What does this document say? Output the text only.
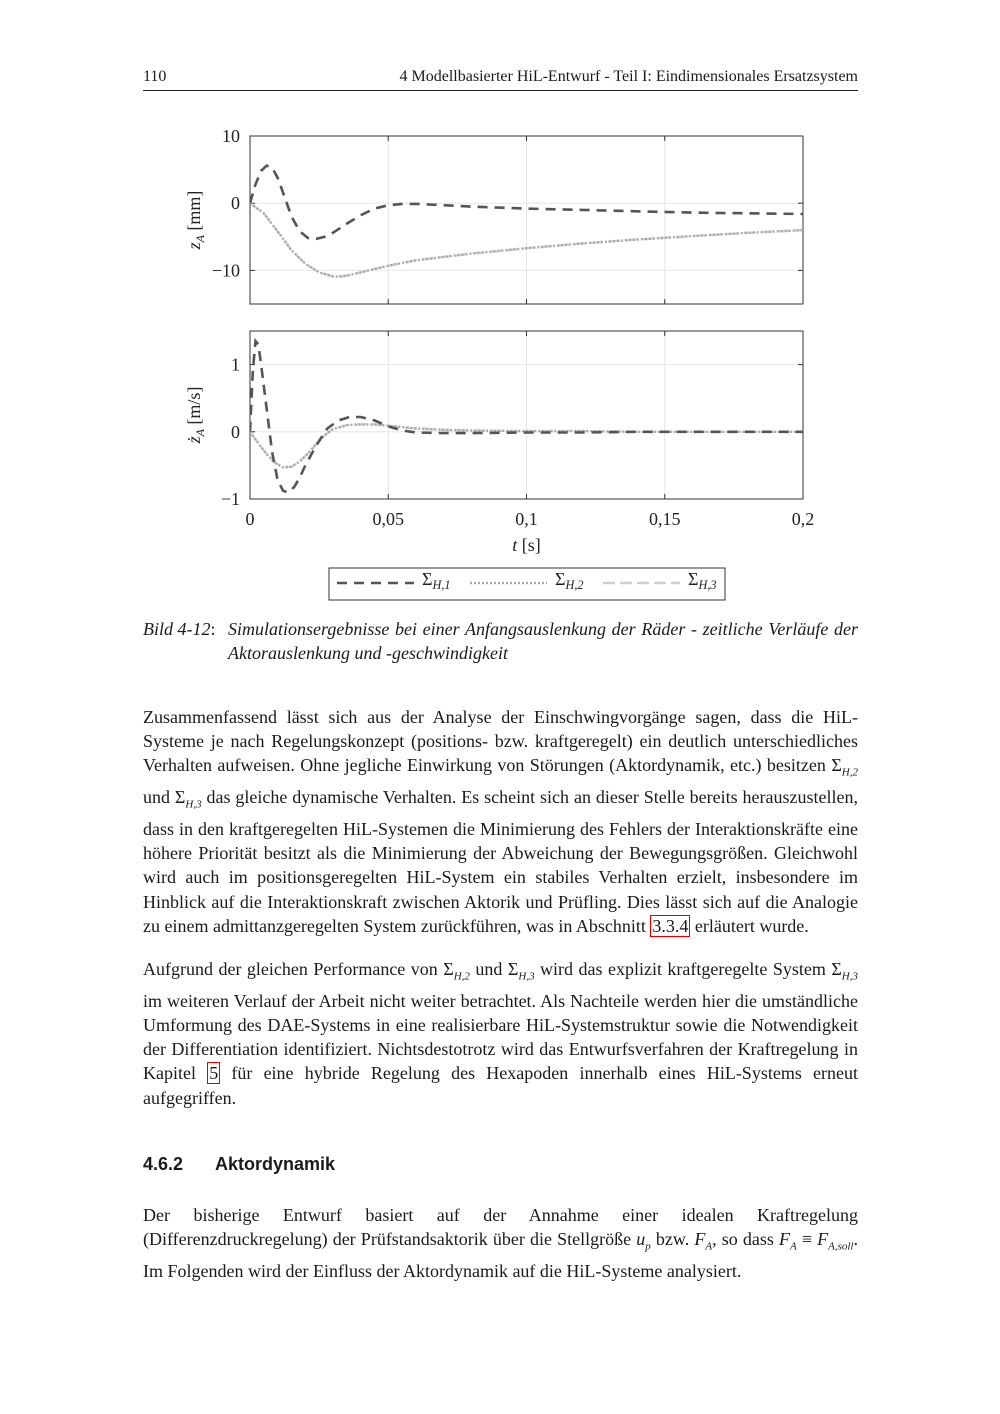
110	4 Modellbasierter HiL-Entwurf - Teil I: Eindimensionales Ersatzsystem
10
0
−10
$z_A$ [mm]
1
0
−1
0	0,05	0,1	0,15	0,2
$ż_A$ [m/s]
t [s]
$\Sigma_{H,1}$	$\Sigma_{H,2}$	$\Sigma_{H,3}$
Bild 4-12: Simulationsergebnisse bei einer Anfangsauslenkung der Räder - zeitliche Verläufe der Aktorauslenkung und -geschwindigkeit

Zusammenfassend lässt sich aus der Analyse der Einschwingvorgänge sagen, dass die HiL-Systeme je nach Regelungskonzept (positions- bzw. kraftgeregelt) ein deutlich unterschiedliches Verhalten aufweisen. Ohne jegliche Einwirkung von Störungen (Aktordynamik, etc.) besitzen $\Sigma_{H,2}$ und $\Sigma_{H,3}$ das gleiche dynamische Verhalten. Es scheint sich an dieser Stelle bereits herauszustellen, dass in den kraftgeregelten HiL-Systemen die Minimierung des Fehlers der Interaktionskräfte eine höhere Priorität besitzt als die Minimierung der Abweichung der Bewegungsgrößen. Gleichwohl wird auch im positionsgeregelten HiL-System ein stabiles Verhalten erzielt, insbesondere im Hinblick auf die Interaktionskraft zwischen Aktorik und Prüfling. Dies lässt sich auf die Analogie zu einem admittanzgeregelten System zurückführen, was in Abschnitt 3.3.4 erläutert wurde.

Aufgrund der gleichen Performance von $\Sigma_{H,2}$ und $\Sigma_{H,3}$ wird das explizit kraftgeregelte System $\Sigma_{H,3}$ im weiteren Verlauf der Arbeit nicht weiter betrachtet. Als Nachteile werden hier die umständliche Umformung des DAE-Systems in eine realisierbare HiL-Systemstruktur sowie die Notwendigkeit der Differentiation identifiziert. Nichtsdestotrotz wird das Entwurfsverfahren der Kraftregelung in Kapitel 5 für eine hybride Regelung des Hexapoden innerhalb eines HiL-Systems erneut aufgegriffen.

4.6.2 Aktordynamik

Der bisherige Entwurf basiert auf der Annahme einer idealen Kraftregelung (Differenzdruckregelung) der Prüfstandsaktorik über die Stellgröße $u_p$ bzw. $F_A$, so dass $F_A \equiv F_{A,soll}$. Im Folgenden wird der Einfluss der Aktordynamik auf die HiL-Systeme analysiert.
